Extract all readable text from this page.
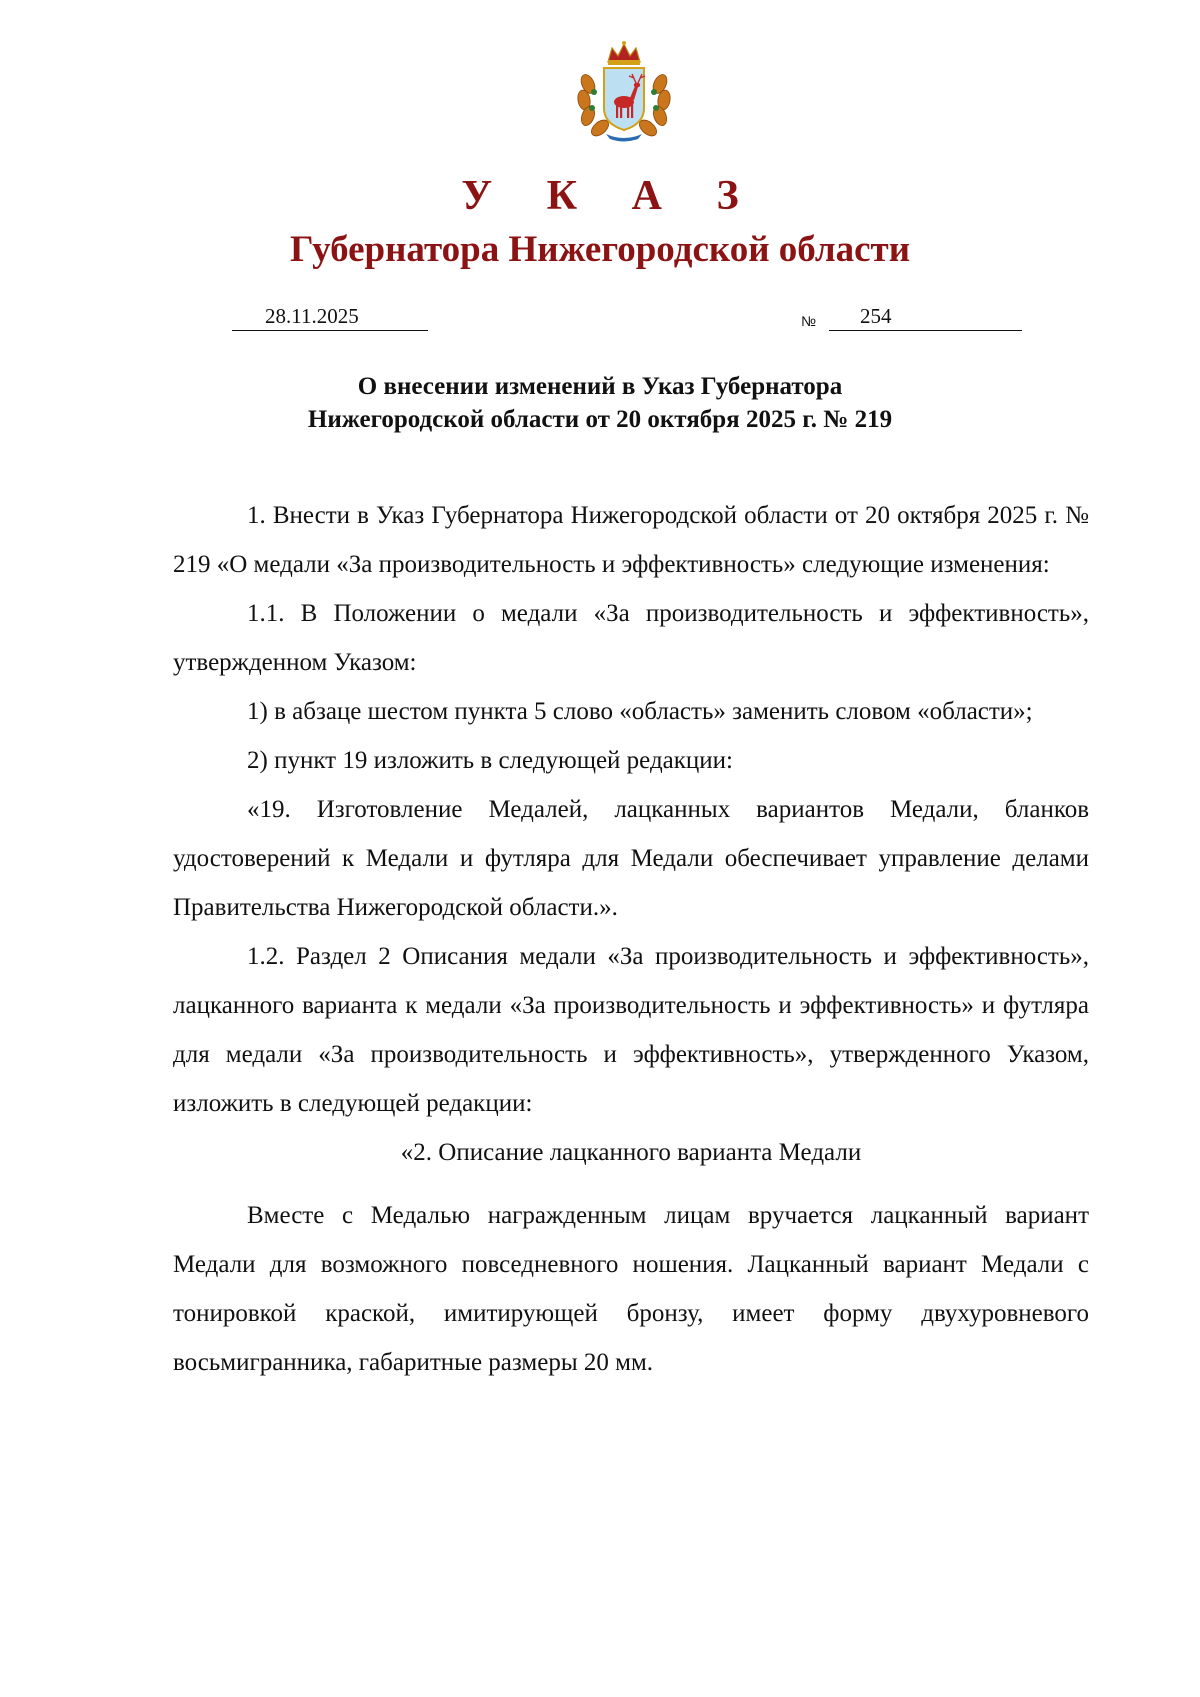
У К А З
Губернатора Нижегородской области
28.11.2025	№ 254
О внесении изменений в Указ Губернатора
Нижегородской области от 20 октября 2025 г. № 219

1. Внести в Указ Губернатора Нижегородской области от 20 октября 2025 г. № 219 «О медали «За производительность и эффективность» следующие изменения:

1.1. В Положении о медали «За производительность и эффективность», утвержденном Указом:

1) в абзаце шестом пункта 5 слово «область» заменить словом «области»;

2) пункт 19 изложить в следующей редакции:

«19. Изготовление Медалей, лацканных вариантов Медали, бланков удостоверений к Медали и футляра для Медали обеспечивает управление делами Правительства Нижегородской области.».

1.2. Раздел 2 Описания медали «За производительность и эффективность», лацканного варианта к медали «За производительность и эффективность» и футляра для медали «За производительность и эффективность», утвержденного Указом, изложить в следующей редакции:

«2. Описание лацканного варианта Медали

Вместе с Медалью награжденным лицам вручается лацканный вариант Медали для возможного повседневного ношения. Лацканный вариант Медали с тонировкой краской, имитирующей бронзу, имеет форму двухуровневого восьмигранника, габаритные размеры 20 мм.
